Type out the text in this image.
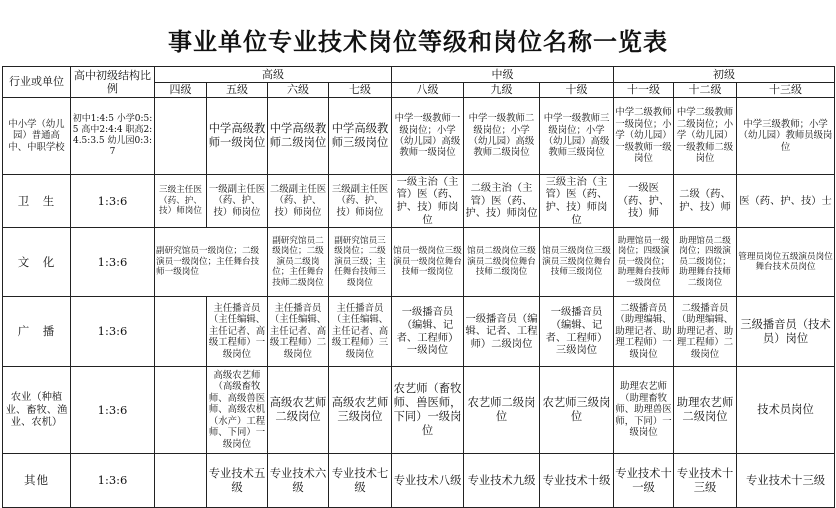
事业单位专业技术岗位等级和岗位名称一览表
行业或单位	高中初级结构比例	高级				中级			初级		
		四级	五级	六级	七级	八级	九级	十级	十一级	十二级	十三级
中小学（幼儿园）普通高中、中职学校	初中1:4:5 小学0:5:5 高中2:4:4 职高2:4.5:3.5 幼儿园0:3:7		中学高级教师一级岗位	中学高级教师二级岗位	中学高级教师三级岗位	中学一级教师一级岗位；小学（幼儿园）高级教师一级岗位	中学一级教师二级岗位；小学（幼儿园）高级教师二级岗位	中学一级教师三级岗位；小学（幼儿园）高级教师三级岗位	中学二级教师一级岗位；小学（幼儿园）一级教师一级岗位	中学二级教师二级岗位；小学（幼儿园）一级教师二级岗位	中学三级教师；小学（幼儿园）教师员级岗位
卫　生	1:3:6	三级主任医（药、护、技）师岗位	一级副主任医（药、护、技）师岗位	二级副主任医（药、护、技）师岗位	三级副主任医（药、护、技）师岗位	一级主治（主管）医（药、护、技）师岗位	二级主治（主管）医（药、护、技）师岗位	三级主治（主管）医（药、护、技）师岗位	一级医（药、护、技）师	二级（药、护、技）师	医（药、护、技）士
文　化	1:3:6	副研究馆员一级岗位；二级演员一级岗位；主任舞台技师一级岗位		副研究馆员二级岗位；二级演员二级岗位；主任舞台技师二级岗位	副研究馆员三级岗位；二级演员三级；主任舞台技师三级岗位	馆员一级岗位三级演员一级岗位舞台技师一级岗位	馆员二级岗位三级演员二级岗位舞台技师二级岗位	馆员三级岗位三级演员三级岗位舞台技师三级岗位	助理馆员一级岗位；四级演员一级岗位；助理舞台技师一级岗位	助理馆员二级岗位；四级演员二级岗位；助理舞台技师二级岗位	管理员岗位五级演员岗位舞台技术员岗位
广　播	1:3:6		主任播音员（主任编辑、主任记者、高级工程师）一级岗位	主任播音员（主任编辑、主任记者、高级工程师）二级岗位	主任播音员（主任编辑、主任记者、高级工程师）三级岗位	一级播音员（编辑、记者、工程师）一级岗位	一级播音员（编辑、记者、工程师）二级岗位	一级播音员（编辑、记者、工程师）三级岗位	二级播音员（助理编辑、助理记者、助理工程师）一级岗位	二级播音员（助理编辑、助理记者、助理工程师）二级岗位	三级播音员（技术员）岗位
农业（种植业、畜牧、渔业、农机）	1:3:6		高级农艺师（高级畜牧师、高级兽医师、高级农机（水产）工程师、下同）一级岗位	高级农艺师二级岗位	高级农艺师三级岗位	农艺师（畜牧师、兽医师，下同）一级岗位	农艺师二级岗位	农艺师三级岗位	助理农艺师（助理畜牧师、助理兽医师，下同）一级岗位	助理农艺师二级岗位	技术员岗位
其他	1:3:6		专业技术五级	专业技术六级	专业技术七级	专业技术八级	专业技术九级	专业技术十级	专业技术十一级	专业技术十三级	专业技术十三级
